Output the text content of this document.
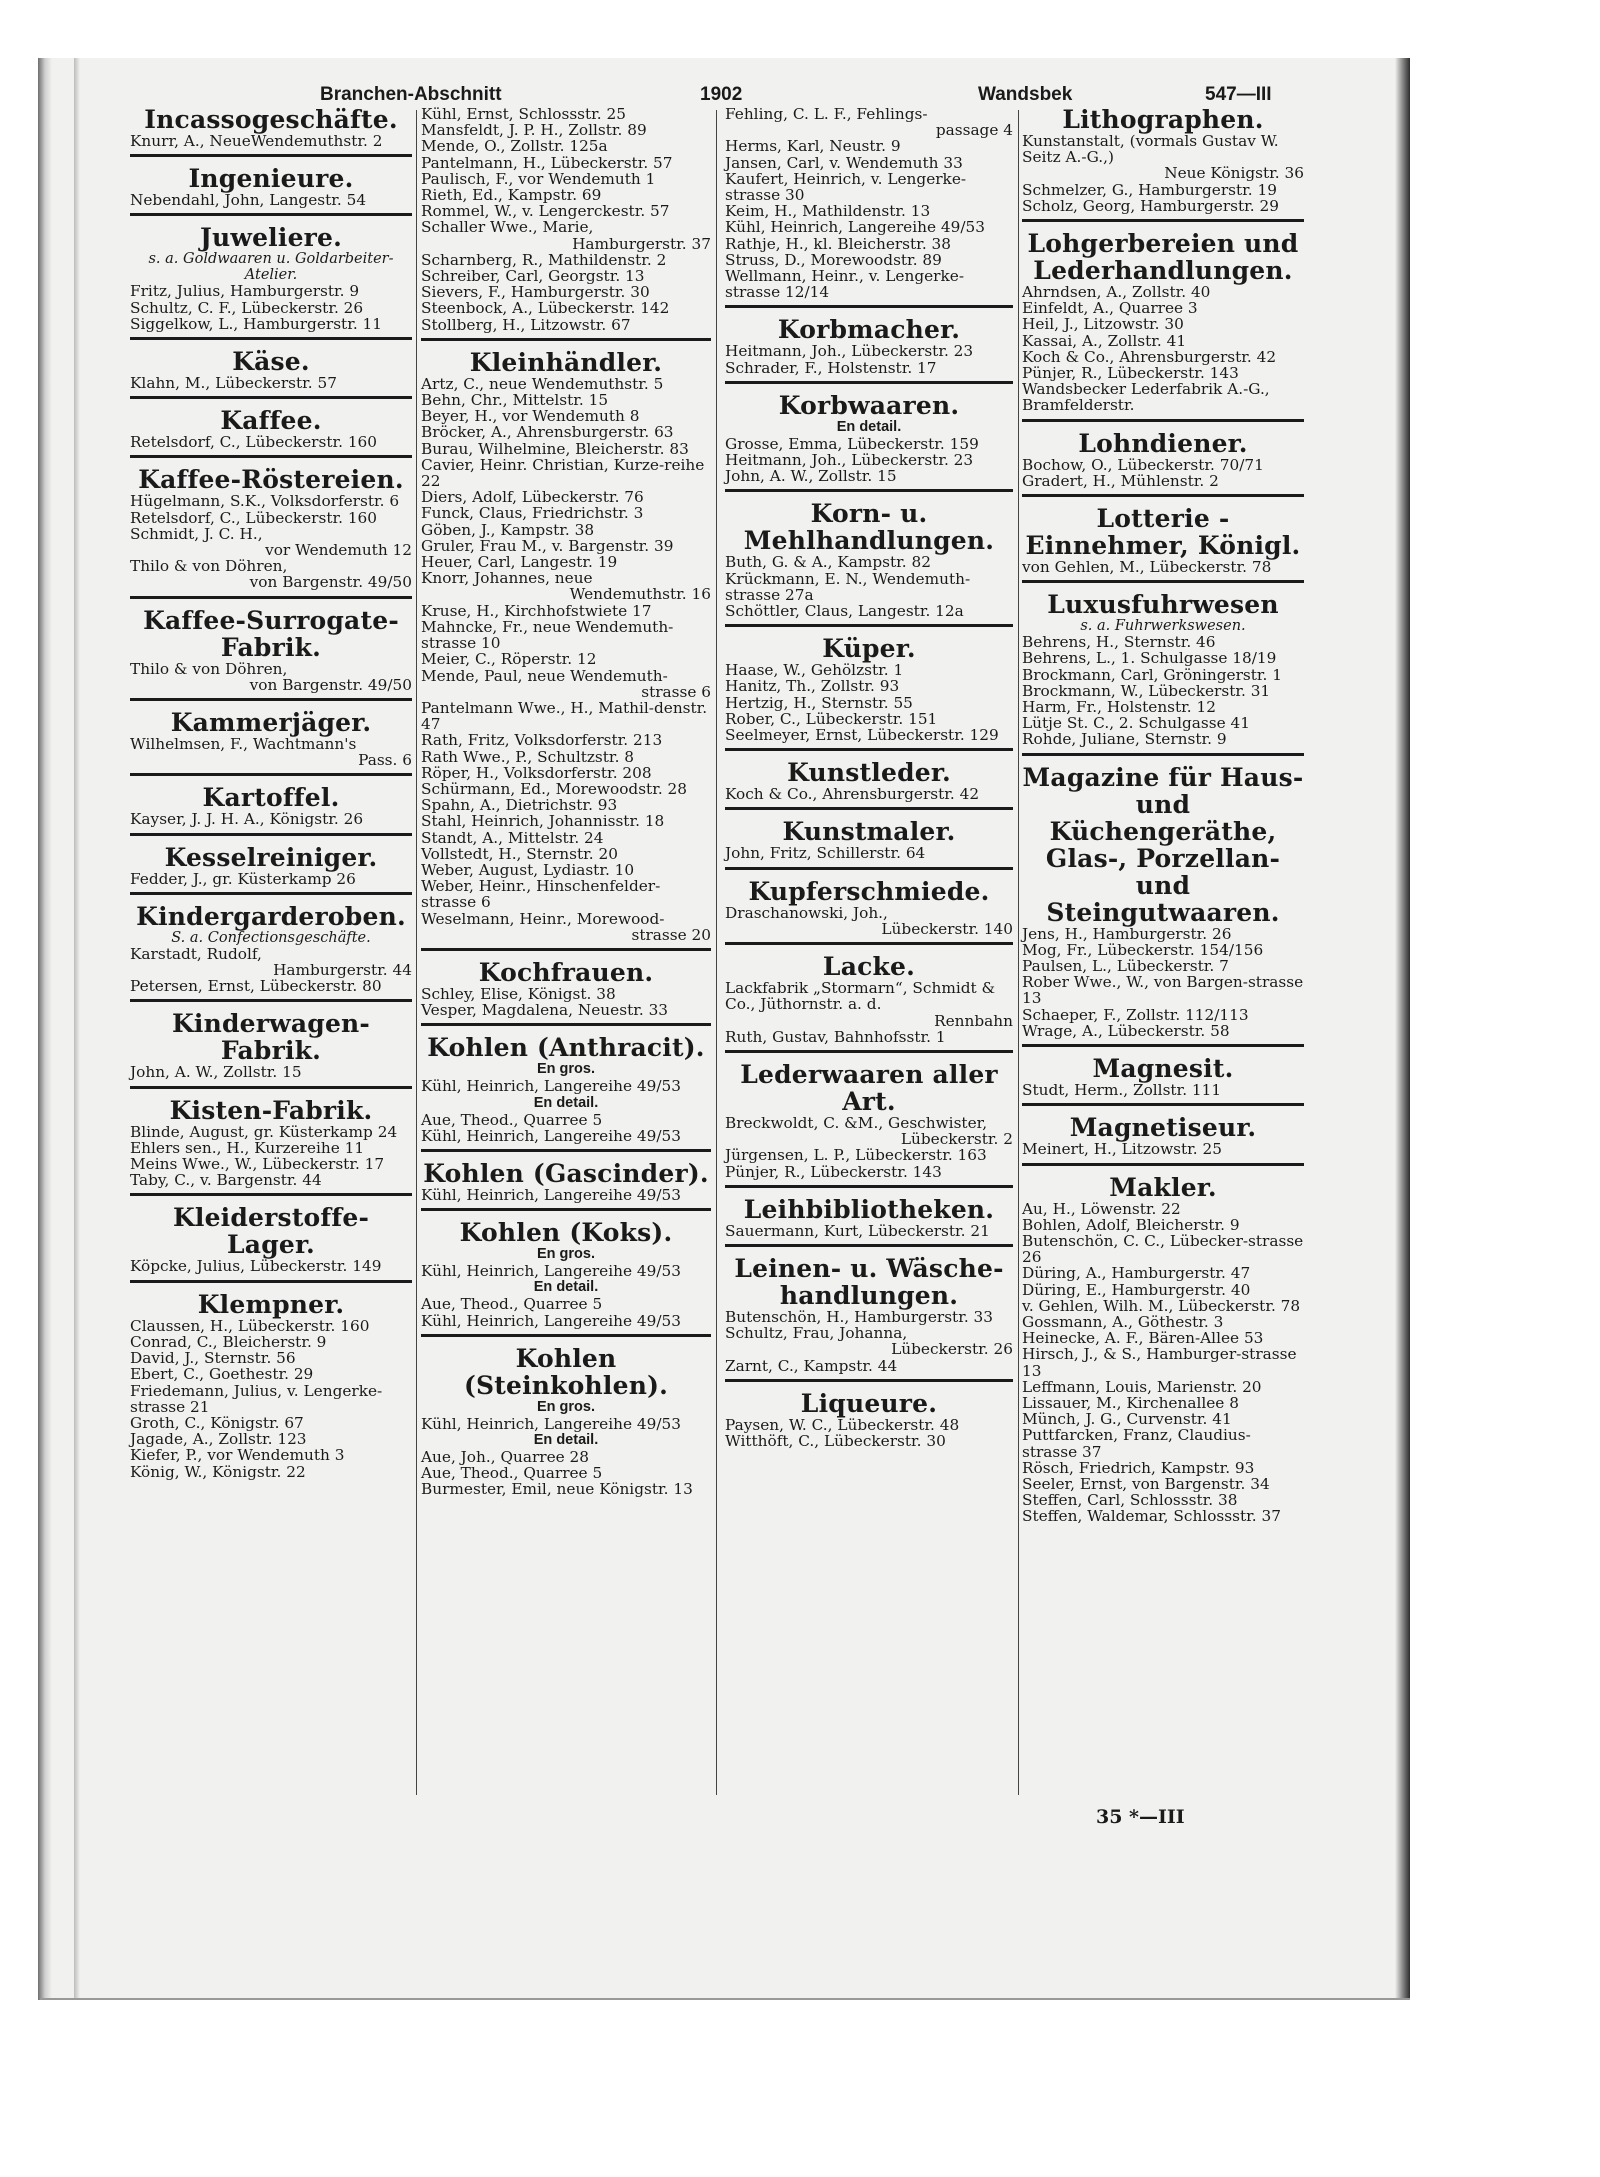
Branchen-Abschnitt	1902	Wandsbek	547—III
Incassogeschäfte.
Knurr, A., NeueWendemuthstr. 2
Ingenieure.
Nebendahl, John, Langestr. 54
Juweliere.
s. a. Goldwaaren u. Goldarbeiter-Atelier.
Fritz, Julius, Hamburgerstr. 9
Schultz, C. F., Lübeckerstr. 26
Siggelkow, L., Hamburgerstr. 11
Käse.
Klahn, M., Lübeckerstr. 57
Kaffee.
Retelsdorf, C., Lübeckerstr. 160
Kaffee-Röstereien.
Hügelmann, S.K., Volksdorferstr. 6
Retelsdorf, C., Lübeckerstr. 160
Schmidt, J. C. H.,
vor Wendemuth 12
Thilo & von Döhren,
von Bargenstr. 49/50
Kaffee-Surrogate-Fabrik.
Thilo & von Döhren,
von Bargenstr. 49/50
Kammerjäger.
Wilhelmsen, F., Wachtmann's
Pass. 6
Kartoffel.
Kayser, J. J. H. A., Königstr. 26
Kesselreiniger.
Fedder, J., gr. Küsterkamp 26
Kindergarderoben.
S. a. Confectionsgeschäfte.
Karstadt, Rudolf,
Hamburgerstr. 44
Petersen, Ernst, Lübeckerstr. 80
Kinderwagen-Fabrik.
John, A. W., Zollstr. 15
Kisten-Fabrik.
Blinde, August, gr. Küsterkamp 24
Ehlers sen., H., Kurzereihe 11
Meins Wwe., W., Lübeckerstr. 17
Taby, C., v. Bargenstr. 44
Kleiderstoffe-Lager.
Köpcke, Julius, Lübeckerstr. 149
Klempner.
Claussen, H., Lübeckerstr. 160
Conrad, C., Bleicherstr. 9
David, J., Sternstr. 56
Ebert, C., Goethestr. 29
Friedemann, Julius, v. Lengerke-strasse 21
Groth, C., Königstr. 67
Jagade, A., Zollstr. 123
Kiefer, P., vor Wendemuth 3
König, W., Königstr. 22
Kühl, Ernst, Schlossstr. 25
Mansfeldt, J. P. H., Zollstr. 89
Mende, O., Zollstr. 125a
Pantelmann, H., Lübeckerstr. 57
Paulisch, F., vor Wendemuth 1
Rieth, Ed., Kampstr. 69
Rommel, W., v. Lengerckestr. 57
Schaller Wwe., Marie,
Hamburgerstr. 37
Scharnberg, R., Mathildenstr. 2
Schreiber, Carl, Georgstr. 13
Sievers, F., Hamburgerstr. 30
Steenbock, A., Lübeckerstr. 142
Stollberg, H., Litzowstr. 67
Kleinhändler.
Artz, C., neue Wendemuthstr. 5
Behn, Chr., Mittelstr. 15
Beyer, H., vor Wendemuth 8
Bröcker, A., Ahrensburgerstr. 63
Burau, Wilhelmine, Bleicherstr. 83
Cavier, Heinr. Christian, Kurze-reihe 22
Diers, Adolf, Lübeckerstr. 76
Funck, Claus, Friedrichstr. 3
Göben, J., Kampstr. 38
Gruler, Frau M., v. Bargenstr. 39
Heuer, Carl, Langestr. 19
Knorr, Johannes, neue
Wendemuthstr. 16
Kruse, H., Kirchhofstwiete 17
Mahncke, Fr., neue Wendemuth-strasse 10
Meier, C., Röperstr. 12
Mende, Paul, neue Wendemuth-
strasse 6
Pantelmann Wwe., H., Mathil-denstr. 47
Rath, Fritz, Volksdorferstr. 213
Rath Wwe., P., Schultzstr. 8
Röper, H., Volksdorferstr. 208
Schürmann, Ed., Morewoodstr. 28
Spahn, A., Dietrichstr. 93
Stahl, Heinrich, Johannisstr. 18
Standt, A., Mittelstr. 24
Vollstedt, H., Sternstr. 20
Weber, August, Lydiastr. 10
Weber, Heinr., Hinschenfelder-strasse 6
Weselmann, Heinr., Morewood-
strasse 20
Kochfrauen.
Schley, Elise, Königst. 38
Vesper, Magdalena, Neuestr. 33
Kohlen (Anthracit).
En gros.
Kühl, Heinrich, Langereihe 49/53
En detail.
Aue, Theod., Quarree 5
Kühl, Heinrich, Langereihe 49/53
Kohlen (Gascinder).
Kühl, Heinrich, Langereihe 49/53
Kohlen (Koks).
En gros.
Kühl, Heinrich, Langereihe 49/53
En detail.
Aue, Theod., Quarree 5
Kühl, Heinrich, Langereihe 49/53
Kohlen (Steinkohlen).
En gros.
Kühl, Heinrich, Langereihe 49/53
En detail.
Aue, Joh., Quarree 28
Aue, Theod., Quarree 5
Burmester, Emil, neue Königstr. 13
Fehling, C. L. F., Fehlings-
passage 4
Herms, Karl, Neustr. 9
Jansen, Carl, v. Wendemuth 33
Kaufert, Heinrich, v. Lengerke-strasse 30
Keim, H., Mathildenstr. 13
Kühl, Heinrich, Langereihe 49/53
Rathje, H., kl. Bleicherstr. 38
Struss, D., Morewoodstr. 89
Wellmann, Heinr., v. Lengerke-strasse 12/14
Korbmacher.
Heitmann, Joh., Lübeckerstr. 23
Schrader, F., Holstenstr. 17
Korbwaaren.
En detail.
Grosse, Emma, Lübeckerstr. 159
Heitmann, Joh., Lübeckerstr. 23
John, A. W., Zollstr. 15
Korn- u. Mehlhandlungen.
Buth, G. & A., Kampstr. 82
Krückmann, E. N., Wendemuth-strasse 27a
Schöttler, Claus, Langestr. 12a
Küper.
Haase, W., Gehölzstr. 1
Hanitz, Th., Zollstr. 93
Hertzig, H., Sternstr. 55
Rober, C., Lübeckerstr. 151
Seelmeyer, Ernst, Lübeckerstr. 129
Kunstleder.
Koch & Co., Ahrensburgerstr. 42
Kunstmaler.
John, Fritz, Schillerstr. 64
Kupferschmiede.
Draschanowski, Joh.,
Lübeckerstr. 140
Lacke.
Lackfabrik „Stormarn“, Schmidt & Co., Jüthornstr. a. d.
Rennbahn
Ruth, Gustav, Bahnhofsstr. 1
Lederwaaren aller Art.
Breckwoldt, C. &M., Geschwister,
Lübeckerstr. 2
Jürgensen, L. P., Lübeckerstr. 163
Pünjer, R., Lübeckerstr. 143
Leihbibliotheken.
Sauermann, Kurt, Lübeckerstr. 21
Leinen- u. Wäsche-handlungen.
Butenschön, H., Hamburgerstr. 33
Schultz, Frau, Johanna,
Lübeckerstr. 26
Zarnt, C., Kampstr. 44
Liqueure.
Paysen, W. C., Lübeckerstr. 48
Witthöft, C., Lübeckerstr. 30
Lithographen.
Kunstanstalt, (vormals Gustav W. Seitz A.-G.,)
Neue Königstr. 36
Schmelzer, G., Hamburgerstr. 19
Scholz, Georg, Hamburgerstr. 29
Lohgerbereien und Lederhandlungen.
Ahrndsen, A., Zollstr. 40
Einfeldt, A., Quarree 3
Heil, J., Litzowstr. 30
Kassai, A., Zollstr. 41
Koch & Co., Ahrensburgerstr. 42
Pünjer, R., Lübeckerstr. 143
Wandsbecker Lederfabrik A.-G., Bramfelderstr.
Lohndiener.
Bochow, O., Lübeckerstr. 70/71
Gradert, H., Mühlenstr. 2
Lotterie - Einnehmer, Königl.
von Gehlen, M., Lübeckerstr. 78
Luxusfuhrwesen
s. a. Fuhrwerkswesen.
Behrens, H., Sternstr. 46
Behrens, L., 1. Schulgasse 18/19
Brockmann, Carl, Gröningerstr. 1
Brockmann, W., Lübeckerstr. 31
Harm, Fr., Holstenstr. 12
Lütje St. C., 2. Schulgasse 41
Rohde, Juliane, Sternstr. 9
Magazine für Haus- und Küchengeräthe, Glas-, Porzellan- und Steingutwaaren.
Jens, H., Hamburgerstr. 26
Mog, Fr., Lübeckerstr. 154/156
Paulsen, L., Lübeckerstr. 7
Rober Wwe., W., von Bargen-strasse 13
Schaeper, F., Zollstr. 112/113
Wrage, A., Lübeckerstr. 58
Magnesit.
Studt, Herm., Zollstr. 111
Magnetiseur.
Meinert, H., Litzowstr. 25
Makler.
Au, H., Löwenstr. 22
Bohlen, Adolf, Bleicherstr. 9
Butenschön, C. C., Lübecker-strasse 26
Düring, A., Hamburgerstr. 47
Düring, E., Hamburgerstr. 40
v. Gehlen, Wilh. M., Lübeckerstr. 78
Gossmann, A., Göthestr. 3
Heinecke, A. F., Bären-Allee 53
Hirsch, J., & S., Hamburger-strasse 13
Leffmann, Louis, Marienstr. 20
Lissauer, M., Kirchenallee 8
Münch, J. G., Curvenstr. 41
Puttfarcken, Franz, Claudius-strasse 37
Rösch, Friedrich, Kampstr. 93
Seeler, Ernst, von Bargenstr. 34
Steffen, Carl, Schlossstr. 38
Steffen, Waldemar, Schlossstr. 37
35 *—III
